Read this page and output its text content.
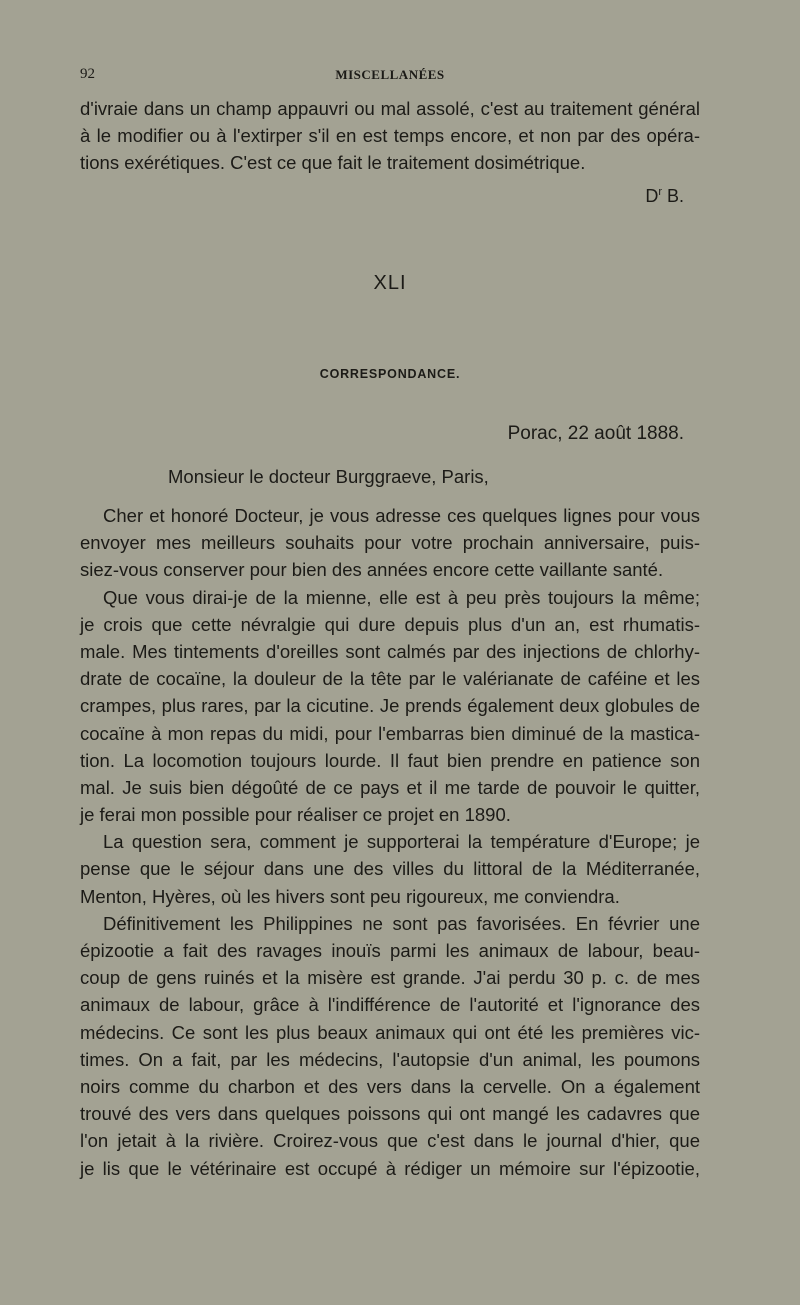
92	MISCELLANÉES
d'ivraie dans un champ appauvri ou mal assolé, c'est au traitement général
à le modifier ou à l'extirper s'il en est temps encore, et non par des opéra-
tions exérétiques. C'est ce que fait le traitement dosimétrique.
$D^r$ B.
XLI
CORRESPONDANCE.
Porac, 22 août 1888.
Monsieur le docteur Burggraeve, Paris,
Cher et honoré Docteur, je vous adresse ces quelques lignes pour vous
envoyer mes meilleurs souhaits pour votre prochain anniversaire, puis-
siez-vous conserver pour bien des années encore cette vaillante santé.
Que vous dirai-je de la mienne, elle est à peu près toujours la même;
je crois que cette névralgie qui dure depuis plus d'un an, est rhumatis-
male. Mes tintements d'oreilles sont calmés par des injections de chlorhy-
drate de cocaïne, la douleur de la tête par le valérianate de caféine et les
crampes, plus rares, par la cicutine. Je prends également deux globules de
cocaïne à mon repas du midi, pour l'embarras bien diminué de la mastica-
tion. La locomotion toujours lourde. Il faut bien prendre en patience son
mal. Je suis bien dégoûté de ce pays et il me tarde de pouvoir le quitter,
je ferai mon possible pour réaliser ce projet en 1890.
La question sera, comment je supporterai la température d'Europe; je
pense que le séjour dans une des villes du littoral de la Méditerranée,
Menton, Hyères, où les hivers sont peu rigoureux, me conviendra.
Définitivement les Philippines ne sont pas favorisées. En février une
épizootie a fait des ravages inouïs parmi les animaux de labour, beau-
coup de gens ruinés et la misère est grande. J'ai perdu 30 p. c. de mes
animaux de labour, grâce à l'indifférence de l'autorité et l'ignorance des
médecins. Ce sont les plus beaux animaux qui ont été les premières vic-
times. On a fait, par les médecins, l'autopsie d'un animal, les poumons
noirs comme du charbon et des vers dans la cervelle. On a également
trouvé des vers dans quelques poissons qui ont mangé les cadavres que
l'on jetait à la rivière. Croirez-vous que c'est dans le journal d'hier, que
je lis que le vétérinaire est occupé à rédiger un mémoire sur l'épizootie,
